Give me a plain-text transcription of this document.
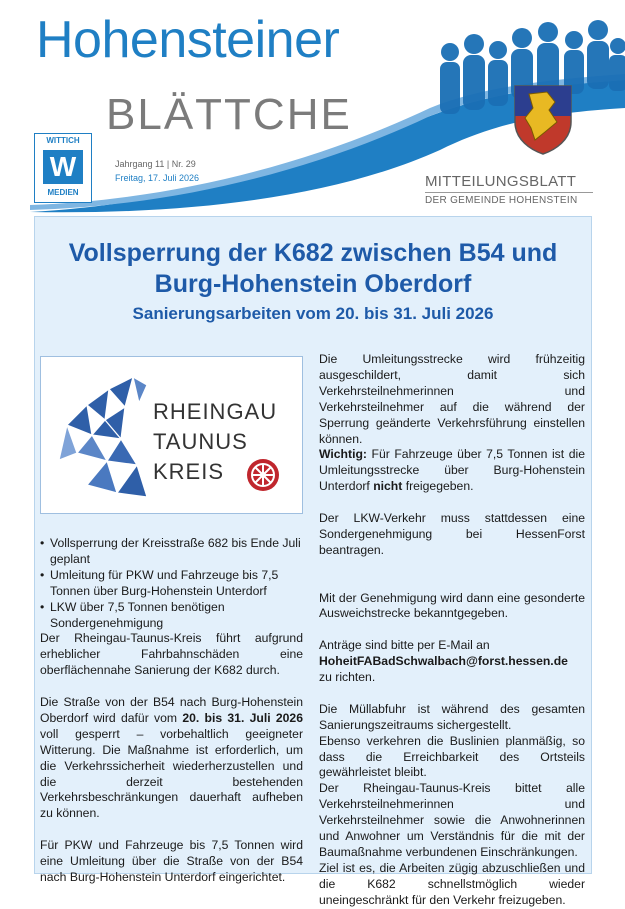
Hohensteiner
BLÄTTCHE
WITTICH
W
MEDIEN
Jahrgang 11 | Nr. 29
Freitag, 17. Juli 2026	MITTEILUNGSBLATT
DER GEMEINDE HOHENSTEIN
Vollsperrung der K682 zwischen B54 und Burg-Hohenstein Oberdorf
Sanierungsarbeiten vom 20. bis 31. Juli 2026
RHEINGAU
TAUNUS
KREIS
• Vollsperrung der Kreisstraße 682 bis Ende Juli geplant
• Umleitung für PKW und Fahrzeuge bis 7,5 Tonnen über Burg-Hohenstein Unterdorf
• LKW über 7,5 Tonnen benötigen Sondergenehmigung

Der Rheingau-Taunus-Kreis führt aufgrund erheblicher Fahrbahnschäden eine oberflächennahe Sanierung der K682 durch.

Die Straße von der B54 nach Burg-Hohenstein Oberdorf wird dafür vom 20. bis 31. Juli 2026 voll gesperrt – vorbehaltlich geeigneter Witterung. Die Maßnahme ist erforderlich, um die Verkehrssicherheit wiederherzustellen und die derzeit bestehenden Verkehrsbeschränkungen dauerhaft aufheben zu können.

Für PKW und Fahrzeuge bis 7,5 Tonnen wird eine Umleitung über die Straße von der B54 nach Burg-Hohenstein Unterdorf eingerichtet.

Die Umleitungsstrecke wird frühzeitig ausgeschildert, damit sich Verkehrsteilnehmerinnen und Verkehrsteilnehmer auf die während der Sperrung geänderte Verkehrsführung einstellen können.

Wichtig: Für Fahrzeuge über 7,5 Tonnen ist die Umleitungsstrecke über Burg-Hohenstein Unterdorf nicht freigegeben.

Der LKW-Verkehr muss stattdessen eine Sondergenehmigung bei HessenForst beantragen.

Mit der Genehmigung wird dann eine gesonderte Ausweichstrecke bekanntgegeben.

Anträge sind bitte per E-Mail an
HoheitFABadSchwalbach@forst.hessen.de
zu richten.

Die Müllabfuhr ist während des gesamten Sanierungszeitraums sichergestellt.

Ebenso verkehren die Buslinien planmäßig, so dass die Erreichbarkeit des Ortsteils gewährleistet bleibt.

Der Rheingau-Taunus-Kreis bittet alle Verkehrsteilnehmerinnen und Verkehrsteilnehmer sowie die Anwohnerinnen und Anwohner um Verständnis für die mit der Baumaßnahme verbundenen Einschränkungen.

Ziel ist es, die Arbeiten zügig abzuschließen und die K682 schnellstmöglich wieder uneingeschränkt für den Verkehr freizugeben.
